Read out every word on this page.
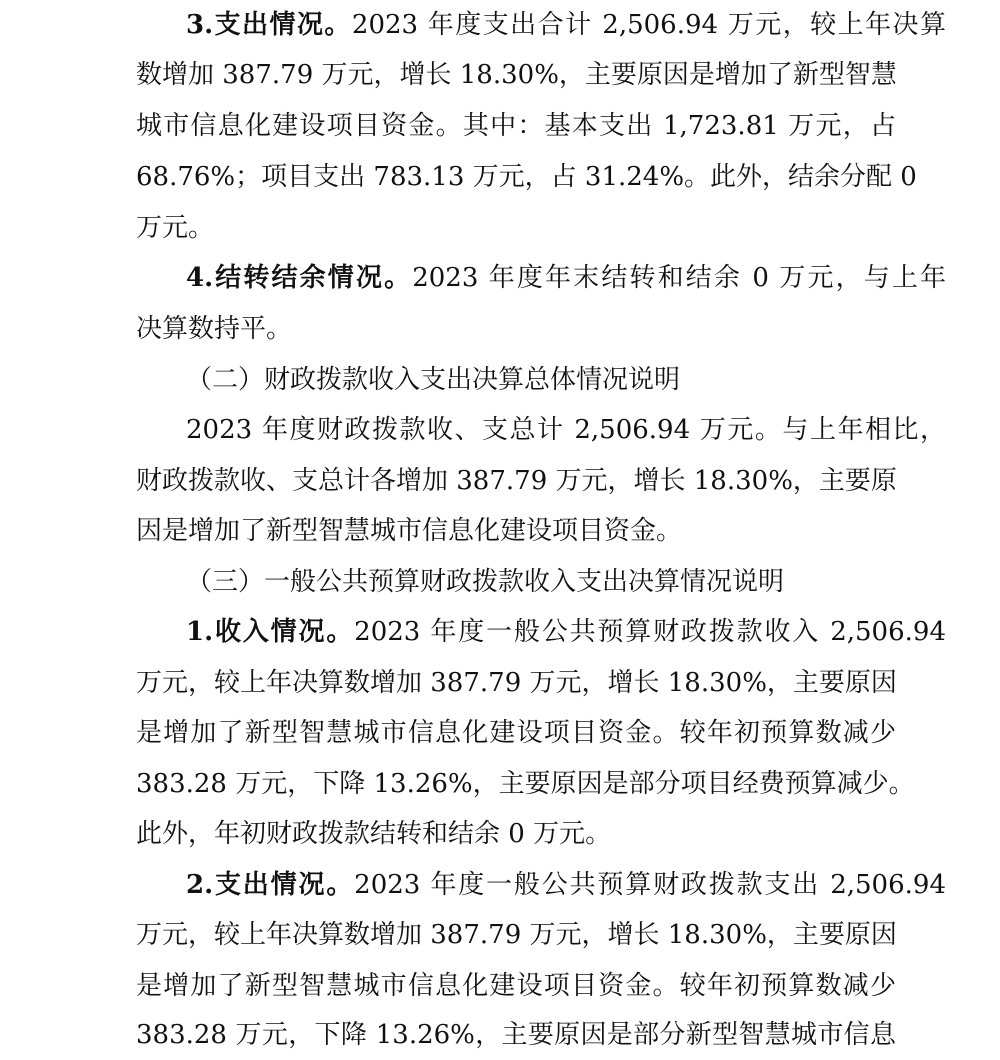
3.支出情况。2023 年度支出合计 2,506.94 万元，较上年决算
数增加 387.79 万元，增长 18.30%，主要原因是增加了新型智慧
城市信息化建设项目资金。其中：基本支出 1,723.81 万元，占
68.76%；项目支出 783.13 万元，占 31.24%。此外，结余分配 0
万元。
4.结转结余情况。2023 年度年末结转和结余 0 万元，与上年
决算数持平。
（二）财政拨款收入支出决算总体情况说明
2023 年度财政拨款收、支总计 2,506.94 万元。与上年相比，
财政拨款收、支总计各增加 387.79 万元，增长 18.30%，主要原
因是增加了新型智慧城市信息化建设项目资金。
（三）一般公共预算财政拨款收入支出决算情况说明
1.收入情况。2023 年度一般公共预算财政拨款收入 2,506.94
万元，较上年决算数增加 387.79 万元，增长 18.30%，主要原因
是增加了新型智慧城市信息化建设项目资金。较年初预算数减少
383.28 万元，下降 13.26%，主要原因是部分项目经费预算减少。
此外，年初财政拨款结转和结余 0 万元。
2.支出情况。2023 年度一般公共预算财政拨款支出 2,506.94
万元，较上年决算数增加 387.79 万元，增长 18.30%，主要原因
是增加了新型智慧城市信息化建设项目资金。较年初预算数减少
383.28 万元，下降 13.26%，主要原因是部分新型智慧城市信息
